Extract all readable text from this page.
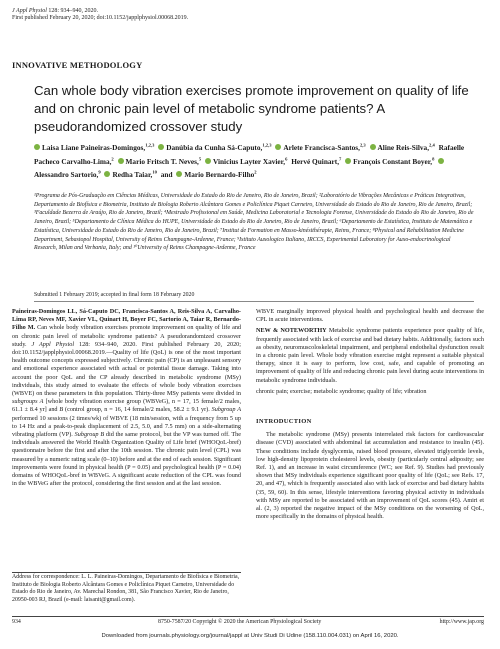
J Appl Physiol 128: 934–940, 2020.
First published February 20, 2020; doi:10.1152/japplphysiol.00068.2019.
INNOVATIVE METHODOLOGY
Can whole body vibration exercises promote improvement on quality of life and on chronic pain level of metabolic syndrome patients? A pseudorandomized crossover study
Laisa Liane Paineiras-Domingos,$^{1,2,3}$ Danúbia da Cunha Sá-Caputo,$^{1,2,3}$ Arlete Francisca-Santos,$^{2,3}$ Aline Reis-Silva,$^{2,4}$ Rafaelle Pacheco Carvalho-Lima,$^2$ Mario Fritsch T. Neves,$^5$ Vinicius Layter Xavier,$^6$ Hervé Quinart,$^7$ François Constant Boyer,$^8$ Alessandro Sartorio,$^9$ Redha Taiar,$^{10}$ and Mario Bernardo-Filho$^2$
¹Programa de Pós-Graduação em Ciências Médicas, Universidade do Estado do Rio de Janeiro, Rio de Janeiro, Brazil; ²Laboratório de Vibrações Mecânicas e Práticas Integrativas, Departamento de Biofísica e Biometria, Instituto de Biologia Roberto Alcântara Gomes e Policlínica Piquet Carneiro, Universidade do Estado do Rio de Janeiro, Rio de Janeiro, Brazil; ³Faculdade Bezerra de Araújo, Rio de Janeiro, Brazil; ⁴Mestrado Profissional em Saúde, Medicina Laboratorial e Tecnologia Forense, Universidade do Estado do Rio de Janeiro, Rio de Janeiro, Brazil; ⁵Departamento de Clínica Médica do HUPE, Universidade do Estado do Rio de Janeiro, Rio de Janeiro, Brazil; ⁶Departamento de Estatística, Instituto de Matemática e Estatística, Universidade do Estado do Rio de Janeiro, Rio de Janeiro, Brazil; ⁷Institut de Formation en Masso-kinésithérapie, Reims, France; ⁸Physical and Rehabilitation Medicine Department, Sebastopol Hospital, University of Reims Champagne-Ardenne, France; ⁹Istituto Auxologico Italiano, IRCCS, Experimental Laboratory for Auxo-endocrinological Research, Milan and Verbania, Italy; and ¹⁰University of Reims Champagne-Ardenne, France
Submitted 1 February 2019; accepted in final form 18 February 2020

Paineiras-Domingos LL, Sá-Caputo DC, Francisca-Santos A, Reis-Silva A, Carvalho-Lima RP, Neves MF, Xavier VL, Quinart H, Boyer FC, Sartorio A, Taiar R, Bernardo-Filho M. Can whole body vibration exercises promote improvement on quality of life and on chronic pain level of metabolic syndrome patients? A pseudorandomized crossover study. J Appl Physiol 128: 934–940, 2020. First published February 20, 2020; doi:10.1152/japplphysiol.00068.2019.—Quality of life (QoL) is one of the most important health outcome concepts expressed subjectively. Chronic pain (CP) is an unpleasant sensory and emotional experience associated with actual or potential tissue damage. Taking into account the poor QoL and the CP already described in metabolic syndrome (MSy) individuals, this study aimed to evaluate the effects of whole body vibration exercises (WBVE) on these parameters in this population. Thirty-three MSy patients were divided in subgroups A [whole body vibration exercise group (WBVeG), n = 17, 15 female/2 males, 61.1 ± 8.4 yr] and B (control group, n = 16, 14 female/2 males, 58.2 ± 9.1 yr). Subgroup A performed 10 sessions (2 times/wk) of WBVE (18 min/session, with a frequency from 5 up to 14 Hz and a peak-to-peak displacement of 2.5, 5.0, and 7.5 mm) on a side-alternating vibrating platform (VP). Subgroup B did the same protocol, but the VP was turned off. The individuals answered the World Health Organization Quality of Life brief (WHOQoL-bref) questionnaire before the first and after the 10th session. The chronic pain level (CPL) was measured by a numeric rating scale (0–10) before and at the end of each session. Significant improvements were found in physical health (P = 0.05) and psychological health (P = 0.04) domains of WHOQoL-bref in WBVeG. A significant acute reduction of the CPL was found in the WBVeG after the protocol, considering the first session and at the last session.

WBVE marginally improved physical health and psychological health and decrease the CPL in acute interventions.

NEW & NOTEWORTHY Metabolic syndrome patients experience poor quality of life, frequently associated with lack of exercise and bad dietary habits. Additionally, factors such as obesity, neuromuscoloskeletal impairment, and peripheral endothelial dysfunction result in a chronic pain level. Whole body vibration exercise might represent a suitable physical therapy, since it is easy to perform, low cost, safe, and capable of promoting an improvement of quality of life and reducing chronic pain level during acute interventions in metabolic syndrome individuals.

chronic pain; exercise; metabolic syndrome; quality of life; vibration

INTRODUCTION

The metabolic syndrome (MSy) presents interrelated risk factors for cardiovascular disease (CVD) associated with abdominal fat accumulation and resistance to insulin (45). These conditions include dysglycemia, raised blood pressure, elevated triglyceride levels, low high-density lipoprotein cholesterol levels, obesity (particularly central adiposity; see Ref. 1), and an increase in waist circumference (WC; see Ref. 9). Studies had previously shown that MSy individuals experience significant poor quality of life (QoL; see Refs. 17, 20, and 47), which is frequently associated also with lack of exercise and bad dietary habits (35, 59, 60). In this sense, lifestyle interventions favoring physical activity in individuals with MSy are reported to be associated with an improvement of QoL scores (45). Amiri et al. (2, 3) reported the negative impact of the MSy conditions on the worsening of QoL, more specifically in the domains of physical health.

Address for correspondence: L. L. Paineiras-Domingos, Departamento de Biofísica e Biometria, Instituto de Biologia Roberto Alcântara Gomes e Policlínica Piquet Carneiro, Universidade do Estado do Rio de Janeiro, Av. Marechal Rondon, 381, São Francisco Xavier, Rio de Janeiro, 20950-003 RJ, Brazil (e-mail: laisanit@gmail.com).
934	8750-7587/20 Copyright © 2020 the American Physiological Society	http://www.jap.org
Downloaded from journals.physiology.org/journal/jappl at Univ Studi Di Udine (158.110.004.031) on April 16, 2020.
